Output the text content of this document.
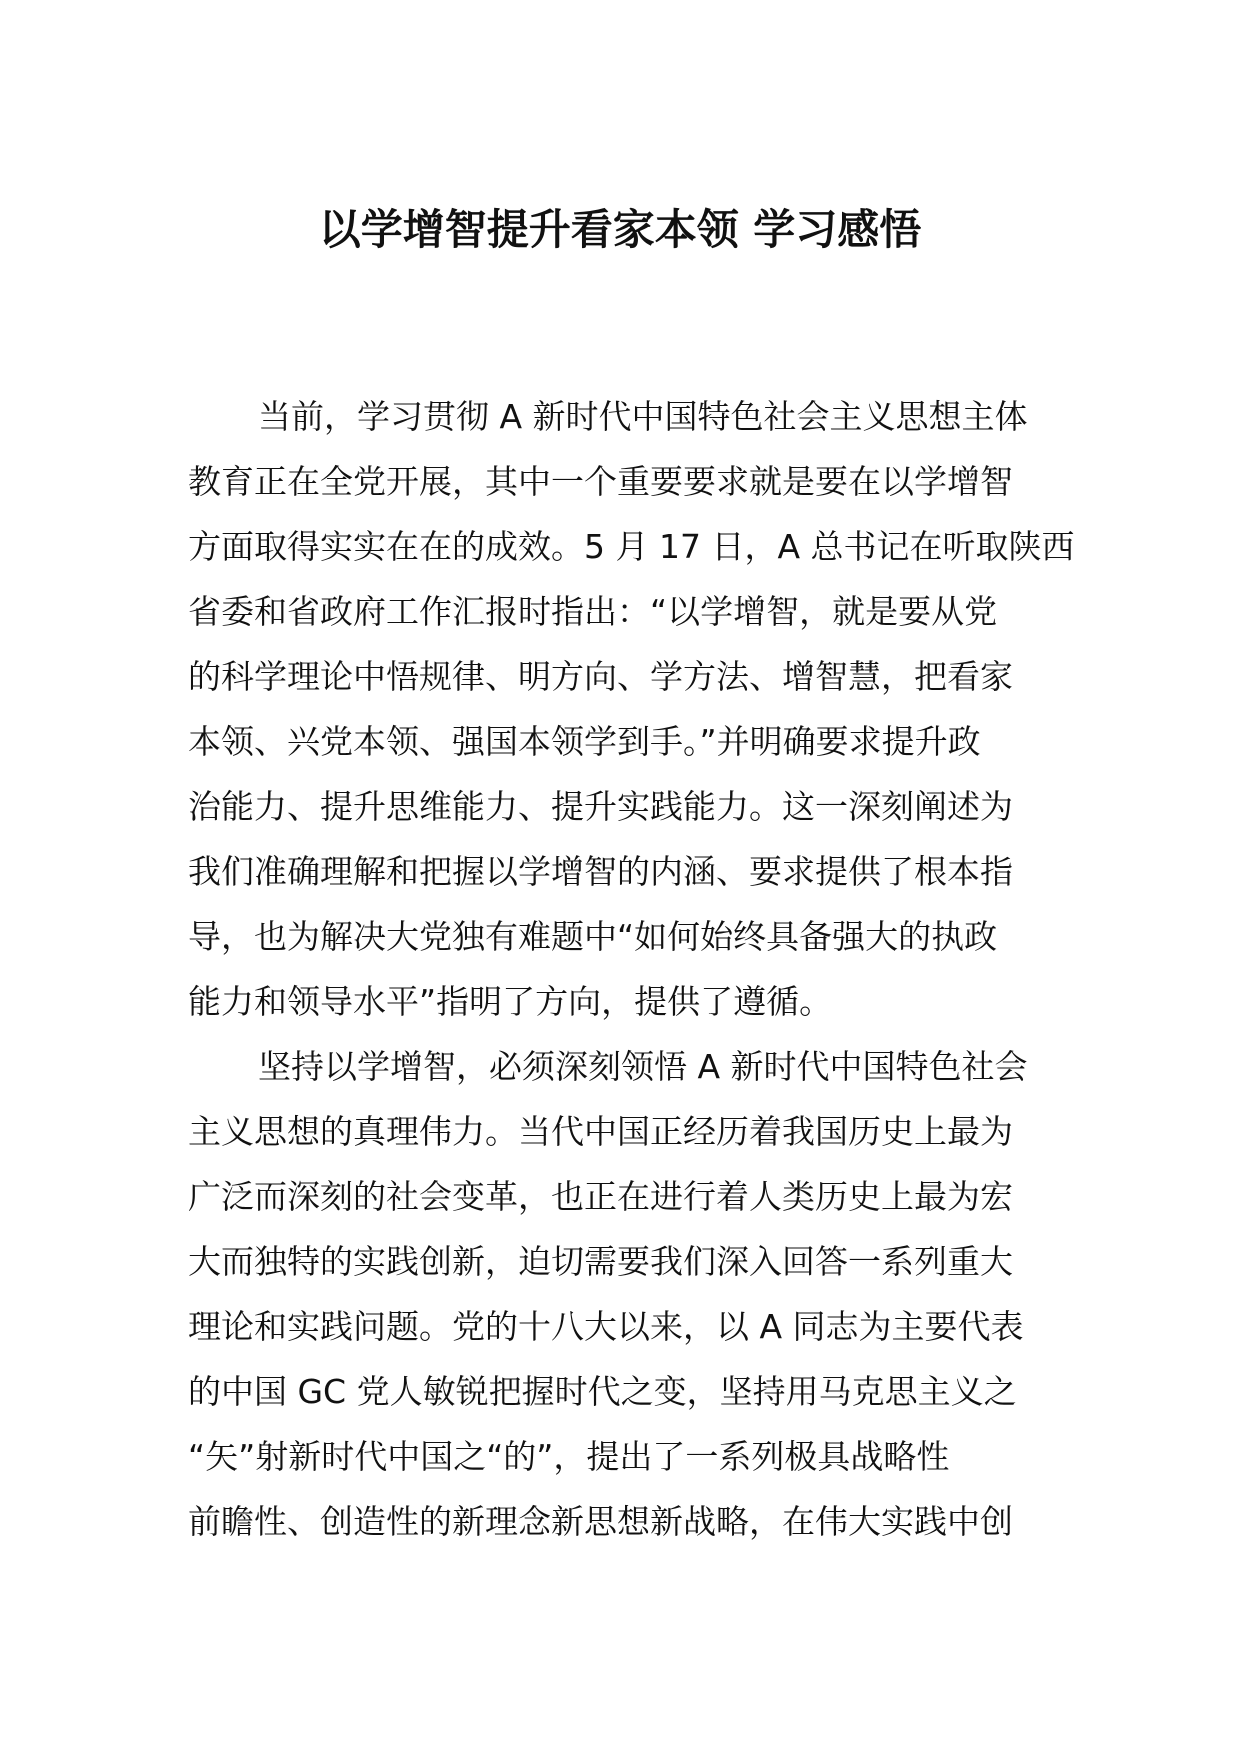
以学增智提升看家本领 学习感悟
当前，学习贯彻 A 新时代中国特色社会主义思想主体
教育正在全党开展，其中一个重要要求就是要在以学增智
方面取得实实在在的成效。5 月 17 日，A 总书记在听取陕西
省委和省政府工作汇报时指出：“以学增智，就是要从党
的科学理论中悟规律、明方向、学方法、增智慧，把看家
本领、兴党本领、强国本领学到手。”并明确要求提升政
治能力、提升思维能力、提升实践能力。这一深刻阐述为
我们准确理解和把握以学增智的内涵、要求提供了根本指
导，也为解决大党独有难题中“如何始终具备强大的执政
能力和领导水平”指明了方向，提供了遵循。
坚持以学增智，必须深刻领悟 A 新时代中国特色社会
主义思想的真理伟力。当代中国正经历着我国历史上最为
广泛而深刻的社会变革，也正在进行着人类历史上最为宏
大而独特的实践创新，迫切需要我们深入回答一系列重大
理论和实践问题。党的十八大以来，以 A 同志为主要代表
的中国 GC 党人敏锐把握时代之变，坚持用马克思主义之
“矢”射新时代中国之“的”，提出了一系列极具战略性
前瞻性、创造性的新理念新思想新战略，在伟大实践中创
